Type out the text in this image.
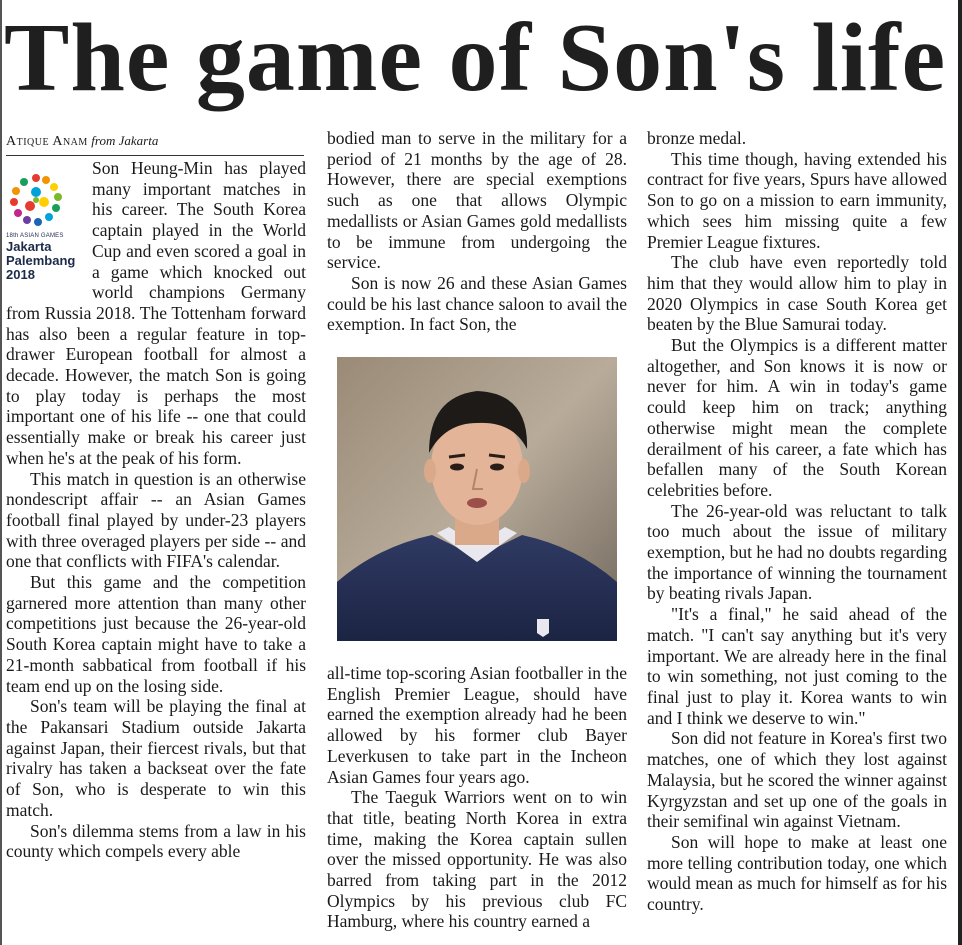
The game of Son's life
Atique Anam from Jakarta
18th ASIAN GAMES
Jakarta
Palembang
2018

Son Heung-Min has played many important matches in his career. The South Korea captain played in the World Cup and even scored a goal in a game which knocked out world champions Germany from Russia 2018. The Tottenham forward has also been a regular feature in top-drawer European football for almost a decade. However, the match Son is going to play today is perhaps the most important one of his life -- one that could essentially make or break his career just when he's at the peak of his form.

This match in question is an otherwise nondescript affair -- an Asian Games football final played by under-23 players with three overaged players per side -- and one that conflicts with FIFA's calendar.

But this game and the competition garnered more attention than many other competitions just because the 26-year-old South Korea captain might have to take a 21-month sabbatical from football if his team end up on the losing side.

Son's team will be playing the final at the Pakansari Stadium outside Jakarta against Japan, their fiercest rivals, but that rivalry has taken a backseat over the fate of Son, who is desperate to win this match.

Son's dilemma stems from a law in his county which compels every able

bodied man to serve in the military for a period of 21 months by the age of 28. However, there are special exemptions such as one that allows Olympic medallists or Asian Games gold medallists to be immune from undergoing the service.

Son is now 26 and these Asian Games could be his last chance saloon to avail the exemption. In fact Son, the

all-time top-scoring Asian footballer in the English Premier League, should have earned the exemption already had he been allowed by his former club Bayer Leverkusen to take part in the Incheon Asian Games four years ago.

The Taeguk Warriors went on to win that title, beating North Korea in extra time, making the Korea captain sullen over the missed opportunity. He was also barred from taking part in the 2012 Olympics by his previous club FC Hamburg, where his country earned a

bronze medal.

This time though, having extended his contract for five years, Spurs have allowed Son to go on a mission to earn immunity, which sees him missing quite a few Premier League fixtures.

The club have even reportedly told him that they would allow him to play in 2020 Olympics in case South Korea get beaten by the Blue Samurai today.

But the Olympics is a different matter altogether, and Son knows it is now or never for him. A win in today's game could keep him on track; anything otherwise might mean the complete derailment of his career, a fate which has befallen many of the South Korean celebrities before.

The 26-year-old was reluctant to talk too much about the issue of military exemption, but he had no doubts regarding the importance of winning the tournament by beating rivals Japan.

"It's a final," he said ahead of the match. "I can't say anything but it's very important. We are already here in the final to win something, not just coming to the final just to play it. Korea wants to win and I think we deserve to win."

Son did not feature in Korea's first two matches, one of which they lost against Malaysia, but he scored the winner against Kyrgyzstan and set up one of the goals in their semifinal win against Vietnam.

Son will hope to make at least one more telling contribution today, one which would mean as much for himself as for his country.
